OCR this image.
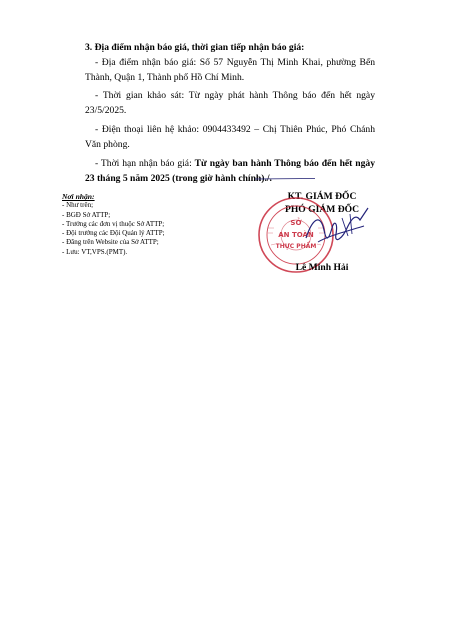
3. Địa điểm nhận báo giá, thời gian tiếp nhận báo giá:
- Địa điểm nhận báo giá: Số 57 Nguyễn Thị Minh Khai, phường Bến Thành, Quận 1, Thành phố Hồ Chí Minh.
- Thời gian khảo sát: Từ ngày phát hành Thông báo đến hết ngày 23/5/2025.
- Điện thoại liên hệ khảo: 0904433492 – Chị Thiên Phúc, Phó Chánh Văn phòng.
- Thời hạn nhận báo giá: Từ ngày ban hành Thông báo đến hết ngày 23 tháng 5 năm 2025 (trong giờ hành chính)./.
Nơi nhận:
- Như trên;
- BGĐ Sở ATTP;
- Trưởng các đơn vị thuộc Sở ATTP;
- Đội trưởng các Đội Quản lý ATTP;
- Đăng trên Website của Sở ATTP;
- Lưu: VT,VPS.(PMT).
KT. GIÁM ĐỐC
PHÓ GIÁM ĐỐC
SỞ
AN TOÀN
THỰC PHẨM
Lê Minh Hải
